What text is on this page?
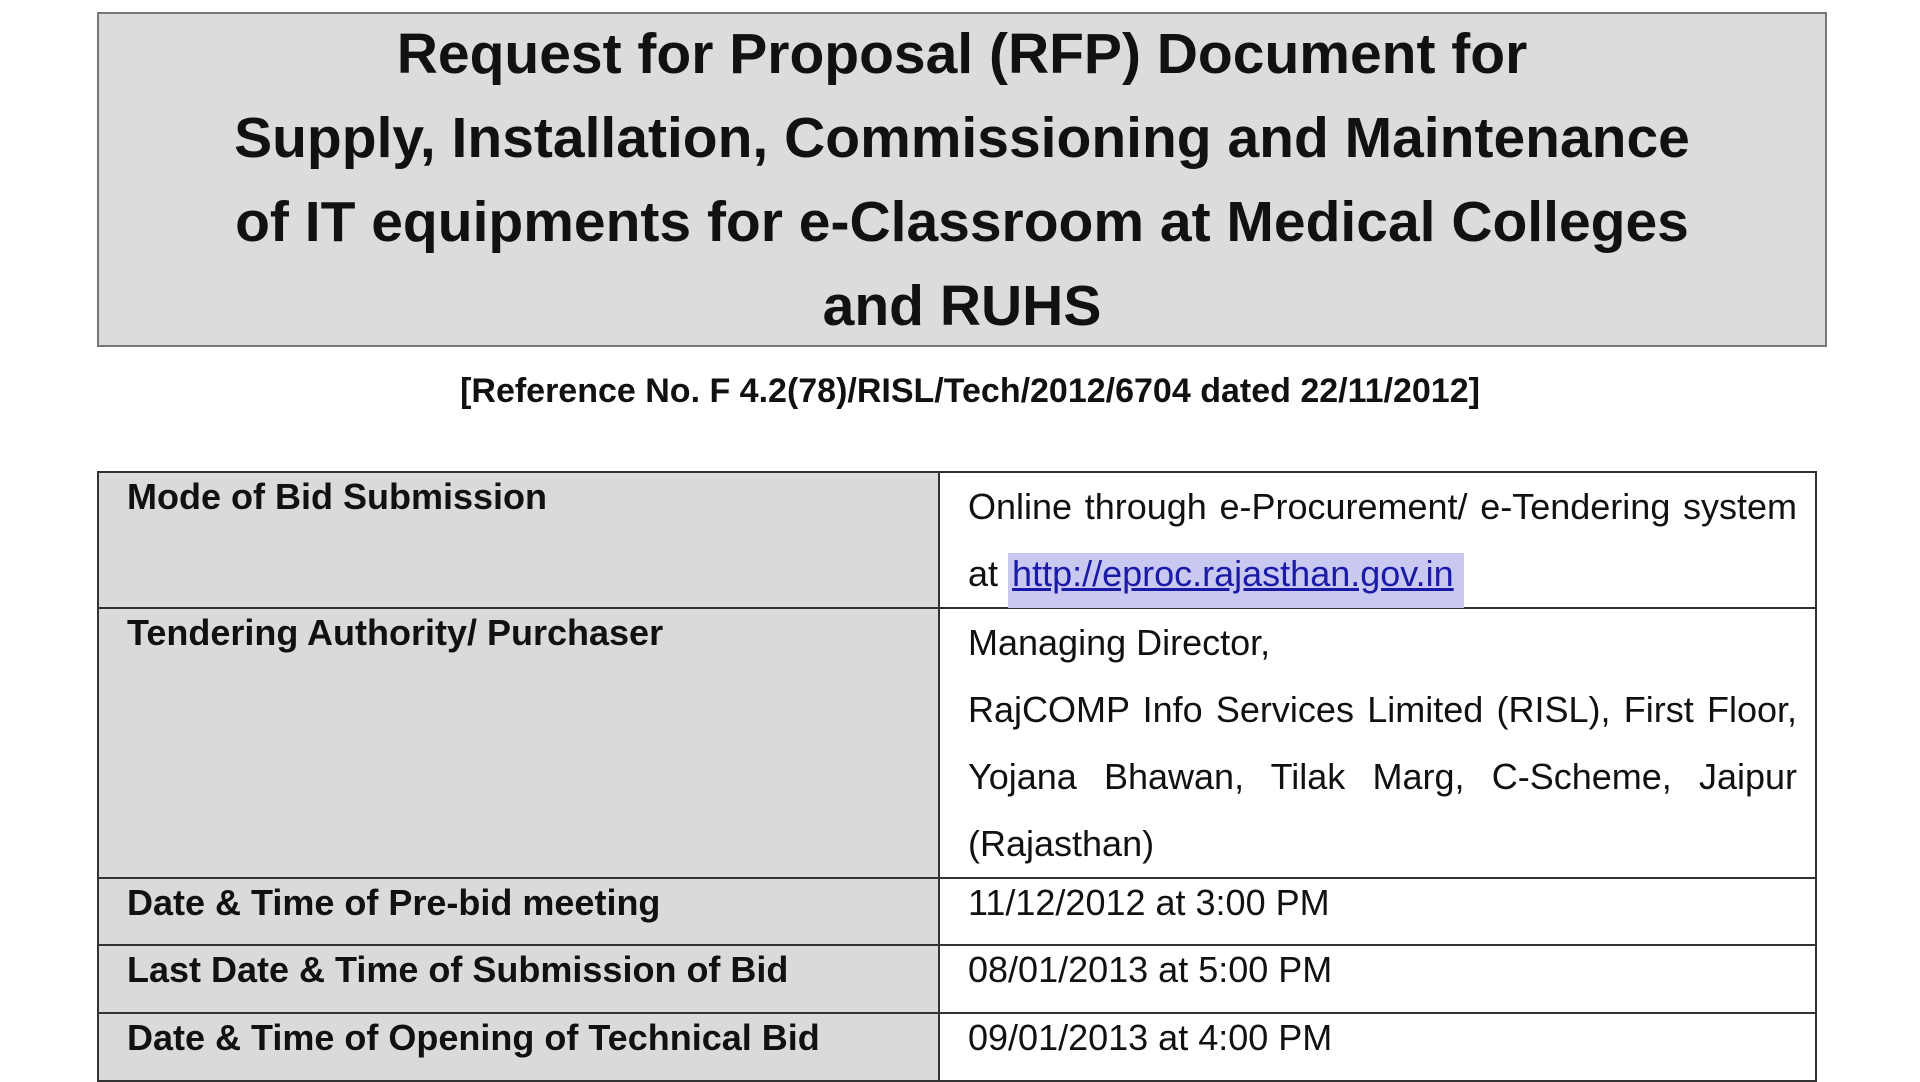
Request for Proposal (RFP) Document for
Supply, Installation, Commissioning and Maintenance
of IT equipments for e-Classroom at Medical Colleges
and RUHS
[Reference No. F 4.2(78)/RISL/Tech/2012/6704 dated 22/11/2012]
Mode of Bid Submission	Online through e-Procurement/ e-Tendering system at http://eproc.rajasthan.gov.in
Tendering Authority/ Purchaser	Managing Director,
RajCOMP Info Services Limited (RISL), First Floor, Yojana Bhawan, Tilak Marg, C-Scheme, Jaipur (Rajasthan)

Date & Time of Pre-bid meeting	11/12/2012 at 3:00 PM
Last Date & Time of Submission of Bid	08/01/2013 at 5:00 PM
Date & Time of Opening of Technical Bid	09/01/2013 at 4:00 PM
